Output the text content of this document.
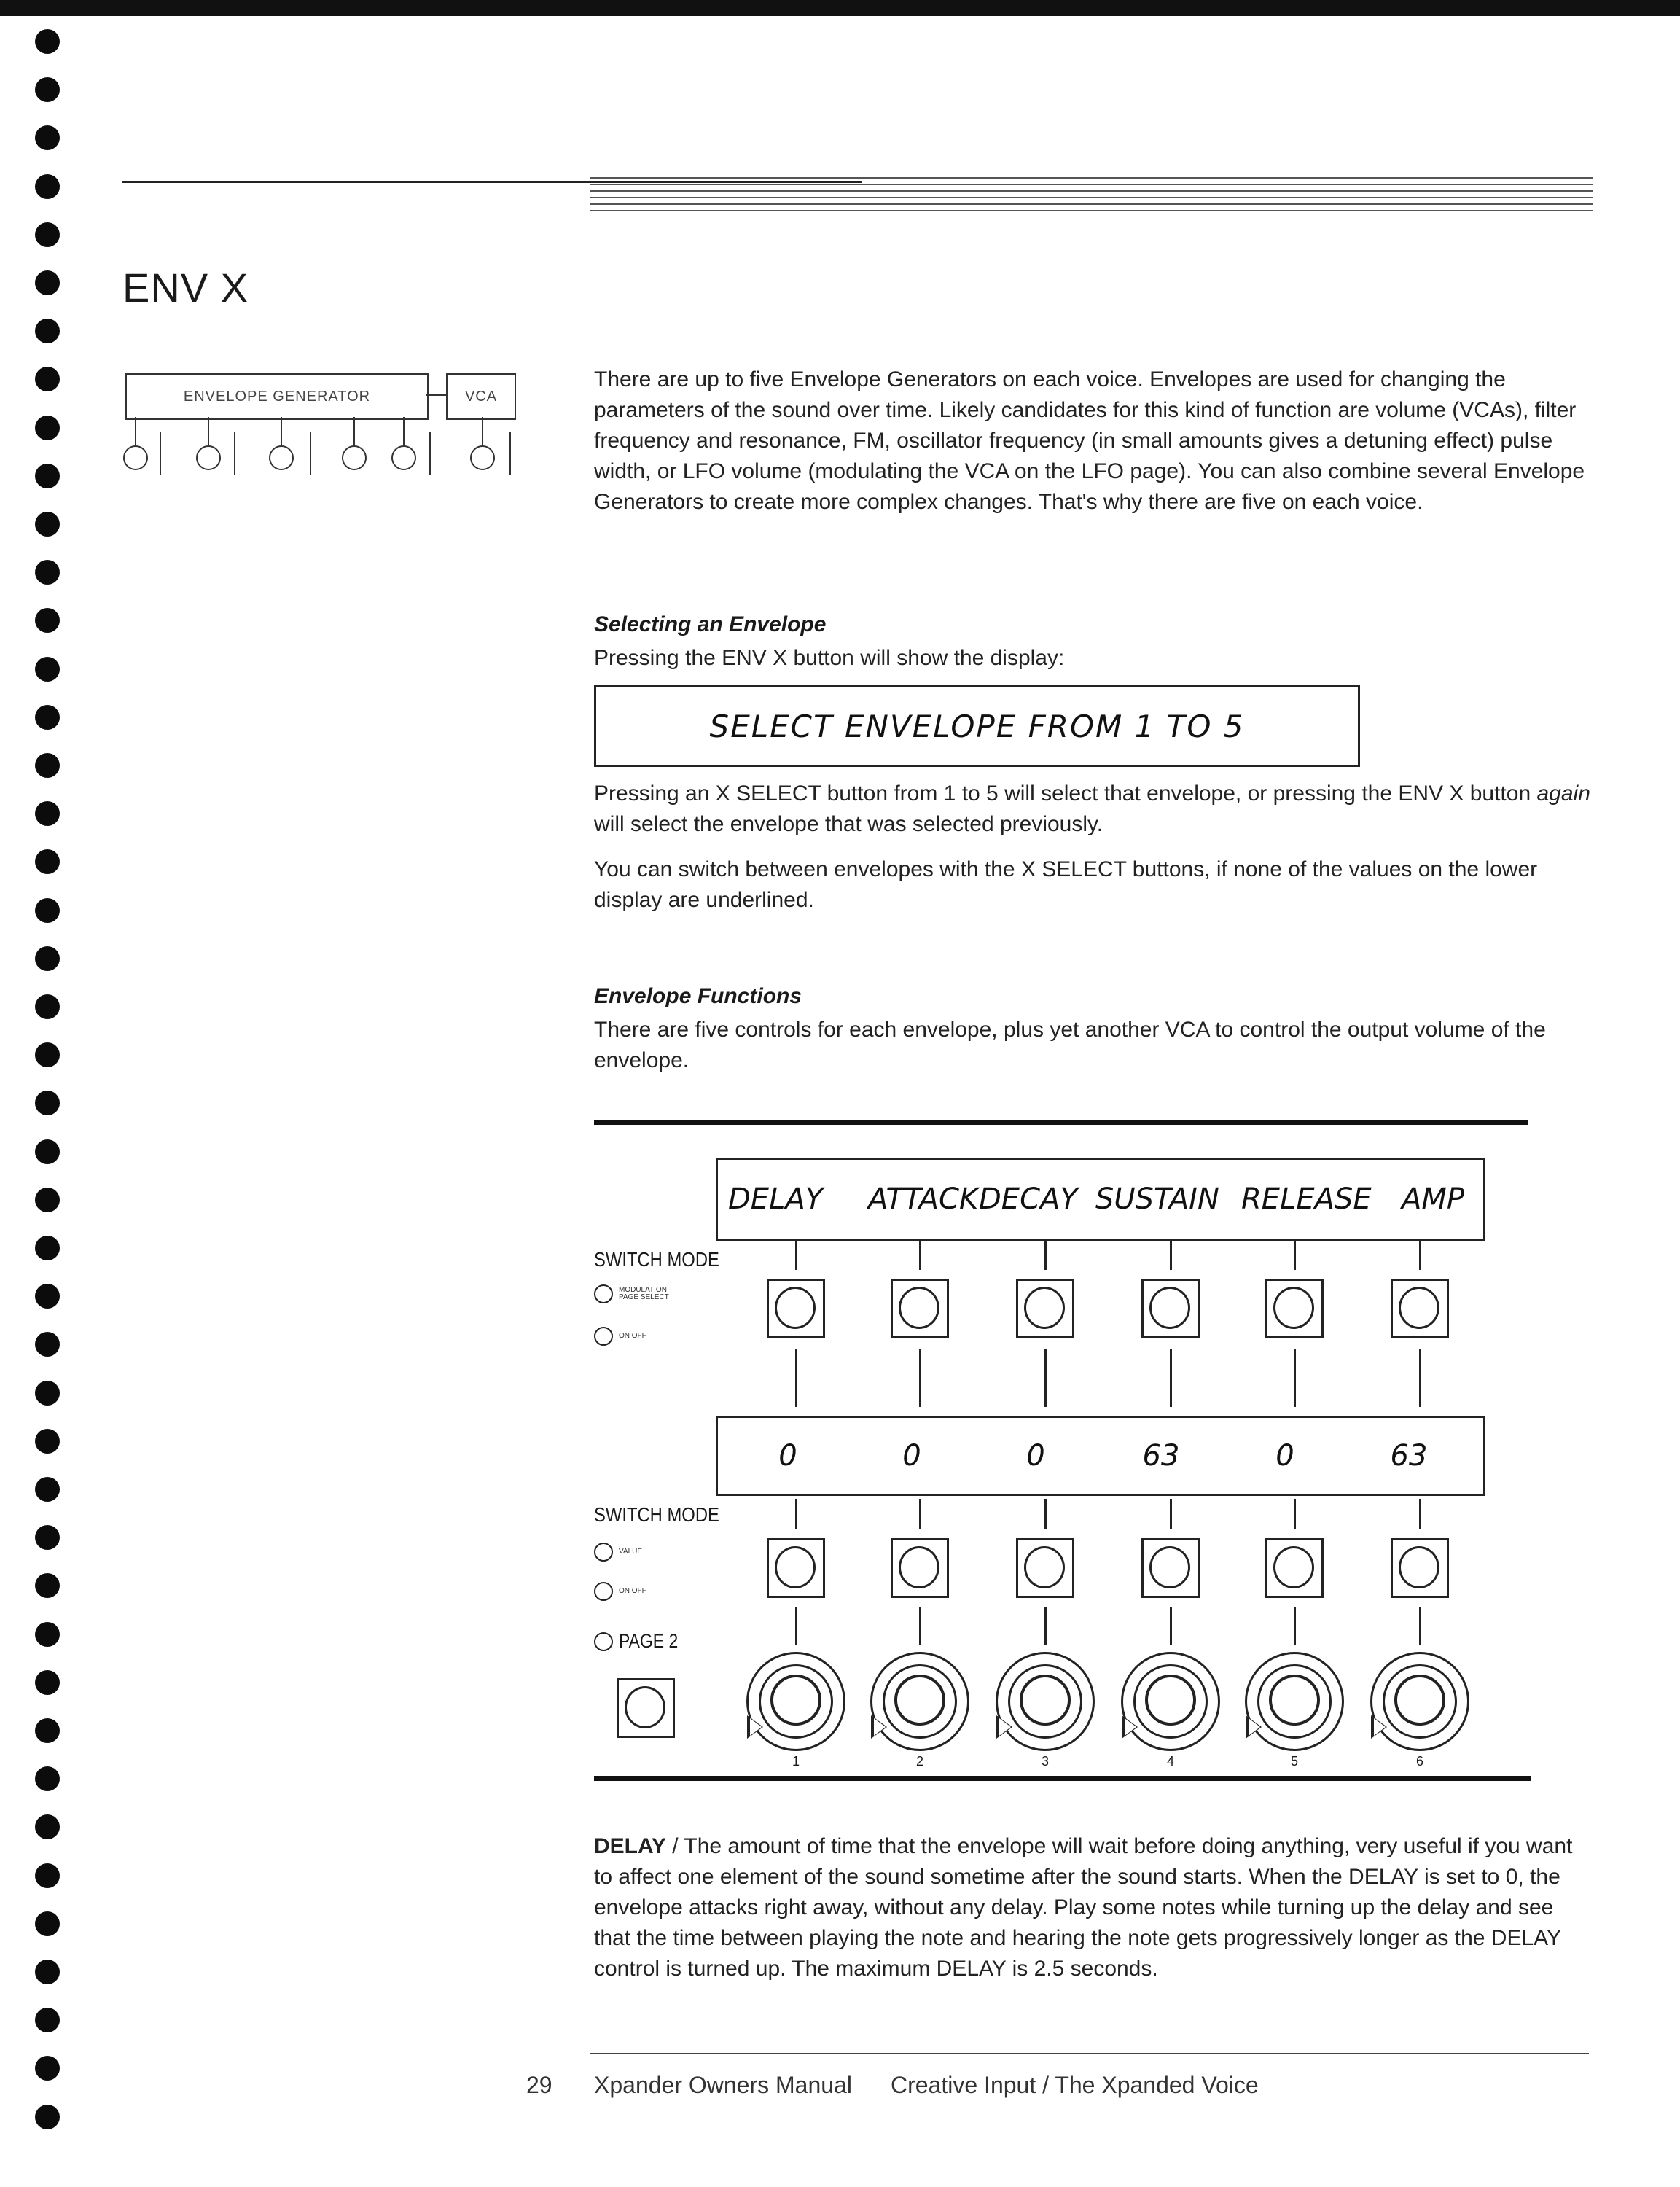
ENV X
ENVELOPE GENERATOR	VCA

There are up to five Envelope Generators on each voice. Envelopes are used for changing the parameters of the sound over time. Likely candidates for this kind of function are volume (VCAs), filter frequency and resonance, FM, oscillator frequency (in small amounts gives a detuning effect) pulse width, or LFO volume (modulating the VCA on the LFO page). You can also combine several Envelope Generators to create more complex changes. That's why there are five on each voice.

Selecting an Envelope

Pressing the ENV X button will show the display:

SELECT ENVELOPE FROM 1 TO 5

Pressing an X SELECT button from 1 to 5 will select that envelope, or pressing the ENV X button again will select the envelope that was selected previously.

You can switch between envelopes with the X SELECT buttons, if none of the values on the lower display are underlined.

Envelope Functions

There are five controls for each envelope, plus yet another VCA to control the output volume of the envelope.

DELAY ATTACK DECAY SUSTAIN RELEASE AMP
SWITCH MODE
MODULATION
PAGE SELECT
ON OFF
0	0	0	63	0	63
SWITCH MODE
VALUE
ON OFF
PAGE 2
1	2	3	4	5	6

DELAY / The amount of time that the envelope will wait before doing anything, very useful if you want to affect one element of the sound sometime after the sound starts. When the DELAY is set to 0, the envelope attacks right away, without any delay. Play some notes while turning up the delay and see that the time between playing the note and hearing the note gets progressively longer as the DELAY control is turned up. The maximum DELAY is 2.5 seconds.

29 Xpander Owners Manual Creative Input / The Xpanded Voice
